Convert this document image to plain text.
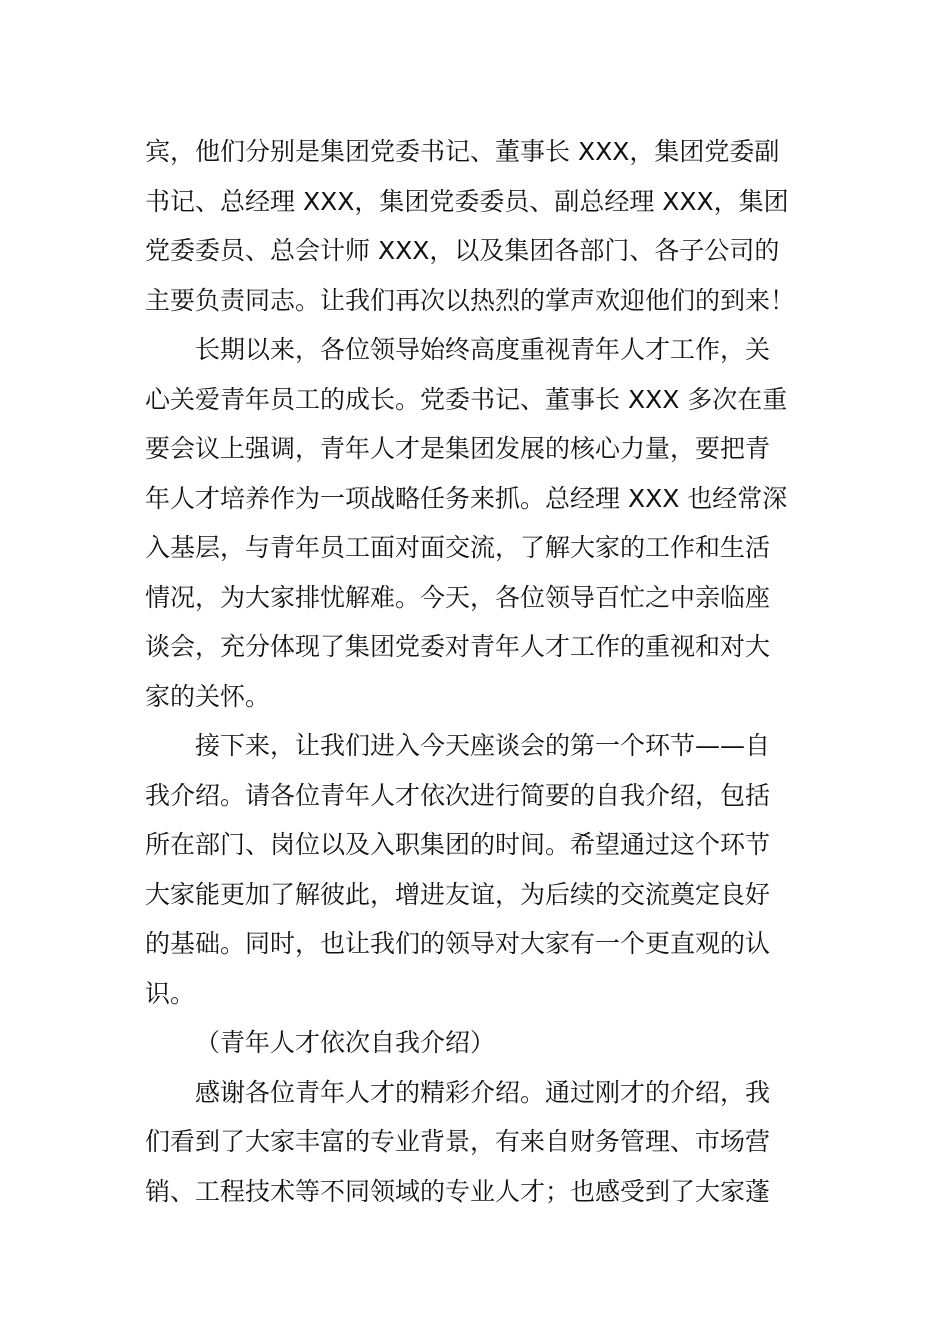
宾，他们分别是集团党委书记、董事长 XXX，集团党委副
书记、总经理 XXX，集团党委委员、副总经理 XXX，集团
党委委员、总会计师 XXX，以及集团各部门、各子公司的
主要负责同志。让我们再次以热烈的掌声欢迎他们的到来！
长期以来，各位领导始终高度重视青年人才工作，关
心关爱青年员工的成长。党委书记、董事长 XXX 多次在重
要会议上强调，青年人才是集团发展的核心力量，要把青
年人才培养作为一项战略任务来抓。总经理 XXX 也经常深
入基层，与青年员工面对面交流，了解大家的工作和生活
情况，为大家排忧解难。今天，各位领导百忙之中亲临座
谈会，充分体现了集团党委对青年人才工作的重视和对大
家的关怀。
接下来，让我们进入今天座谈会的第一个环节——自
我介绍。请各位青年人才依次进行简要的自我介绍，包括
所在部门、岗位以及入职集团的时间。希望通过这个环节
大家能更加了解彼此，增进友谊，为后续的交流奠定良好
的基础。同时，也让我们的领导对大家有一个更直观的认
识。
（青年人才依次自我介绍）
感谢各位青年人才的精彩介绍。通过刚才的介绍，我
们看到了大家丰富的专业背景，有来自财务管理、市场营
销、工程技术等不同领域的专业人才；也感受到了大家蓬
